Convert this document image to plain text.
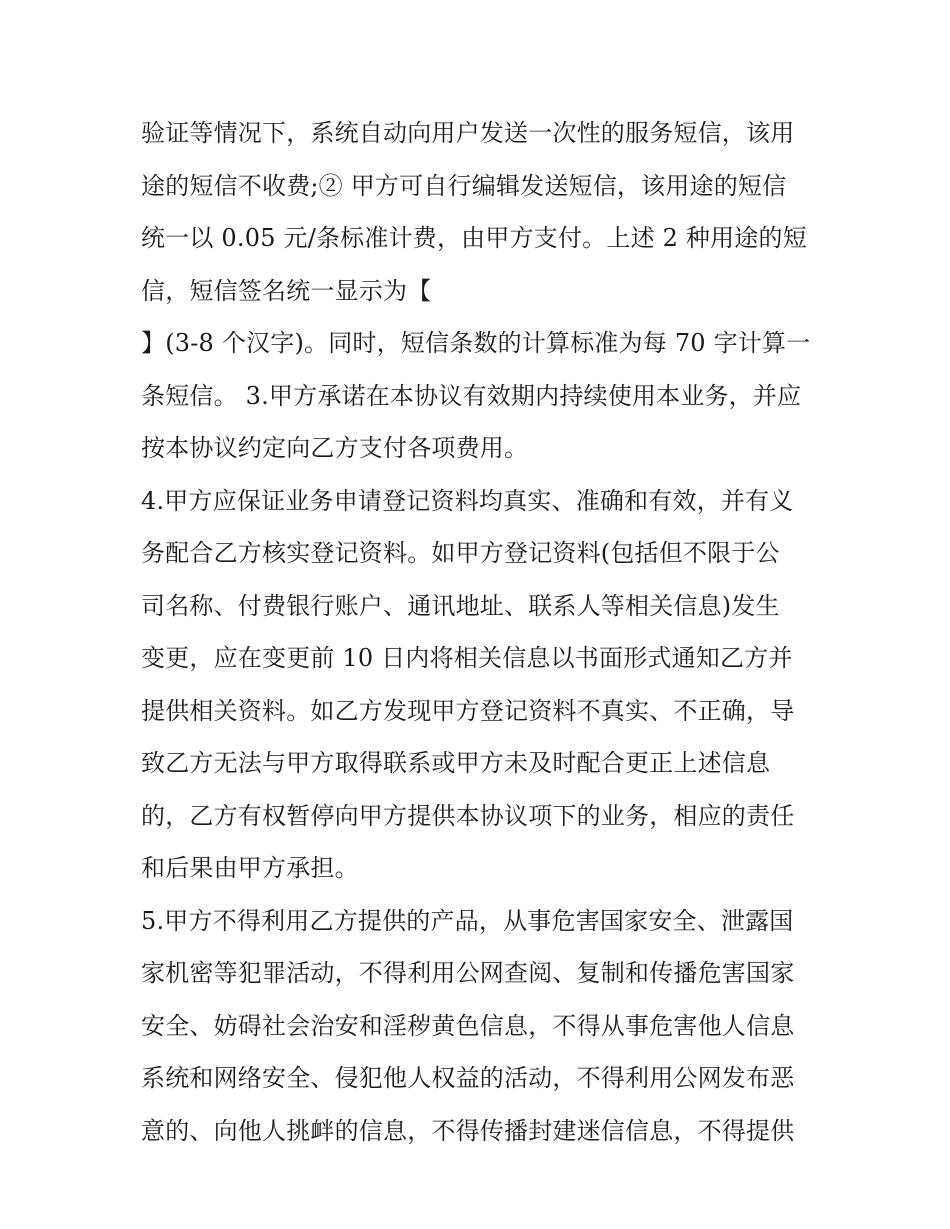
验证等情况下，系统自动向用户发送一次性的服务短信，该用
途的短信不收费;② 甲方可自行编辑发送短信，该用途的短信
统一以 0.05 元/条标准计费，由甲方支付。上述 2 种用途的短
信，短信签名统一显示为【
】(3-8 个汉字)。同时，短信条数的计算标准为每 70 字计算一
条短信。 3.甲方承诺在本协议有效期内持续使用本业务，并应
按本协议约定向乙方支付各项费用。
4.甲方应保证业务申请登记资料均真实、准确和有效，并有义
务配合乙方核实登记资料。如甲方登记资料(包括但不限于公
司名称、付费银行账户、通讯地址、联系人等相关信息)发生
变更，应在变更前 10 日内将相关信息以书面形式通知乙方并
提供相关资料。如乙方发现甲方登记资料不真实、不正确，导
致乙方无法与甲方取得联系或甲方未及时配合更正上述信息
的，乙方有权暂停向甲方提供本协议项下的业务，相应的责任
和后果由甲方承担。
5.甲方不得利用乙方提供的产品，从事危害国家安全、泄露国
家机密等犯罪活动，不得利用公网查阅、复制和传播危害国家
安全、妨碍社会治安和淫秽黄色信息，不得从事危害他人信息
系统和网络安全、侵犯他人权益的活动，不得利用公网发布恶
意的、向他人挑衅的信息，不得传播封建迷信信息，不得提供
